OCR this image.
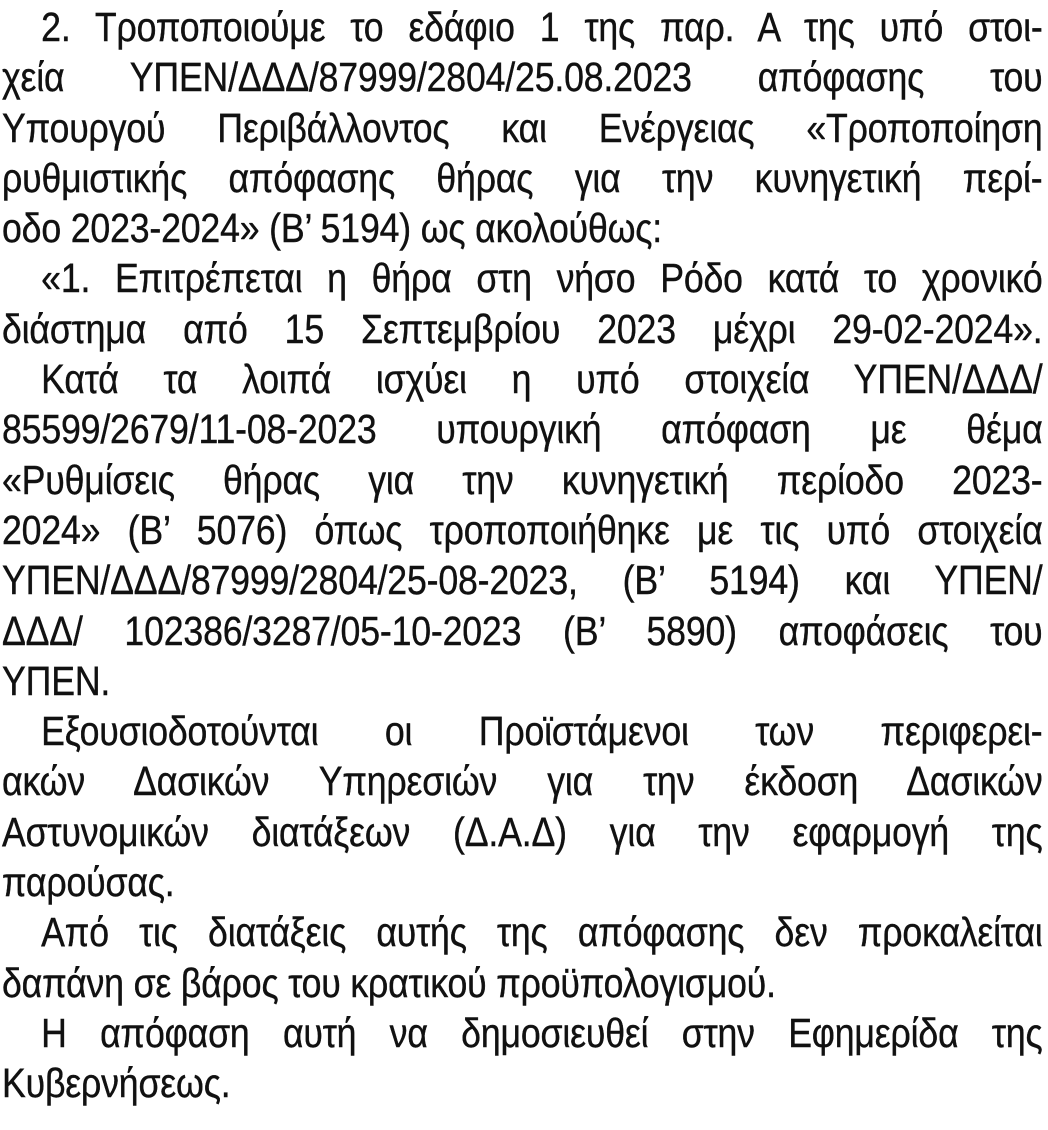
2. Τροποποιούμε το εδάφιο 1 της παρ. Α της υπό στοι-
χεία ΥΠΕΝ/ΔΔΔ/87999/2804/25.08.2023 απόφασης του
Υπουργού Περιβάλλοντος και Ενέργειας «Τροποποίηση
ρυθμιστικής απόφασης θήρας για την κυνηγετική περί-
οδο 2023-2024» (Β’ 5194) ως ακολούθως:
«1. Επιτρέπεται η θήρα στη νήσο Ρόδο κατά το χρονικό
διάστημα από 15 Σεπτεμβρίου 2023 μέχρι 29-02-2024».
Κατά τα λοιπά ισχύει η υπό στοιχεία ΥΠΕΝ/ΔΔΔ/
85599/2679/11-08-2023 υπουργική απόφαση με θέμα
«Ρυθμίσεις θήρας για την κυνηγετική περίοδο 2023-
2024» (Β’ 5076) όπως τροποποιήθηκε με τις υπό στοιχεία
ΥΠΕΝ/ΔΔΔ/87999/2804/25-08-2023, (Β’ 5194) και ΥΠΕΝ/
ΔΔΔ/ 102386/3287/05-10-2023 (Β’ 5890) αποφάσεις του
ΥΠΕΝ.
Εξουσιοδοτούνται οι Προϊστάμενοι των περιφερει-
ακών Δασικών Υπηρεσιών για την έκδοση Δασικών
Αστυνομικών διατάξεων (Δ.Α.Δ) για την εφαρμογή της
παρούσας.
Από τις διατάξεις αυτής της απόφασης δεν προκαλείται
δαπάνη σε βάρος του κρατικού προϋπολογισμού.
Η απόφαση αυτή να δημοσιευθεί στην Εφημερίδα της
Κυβερνήσεως.
